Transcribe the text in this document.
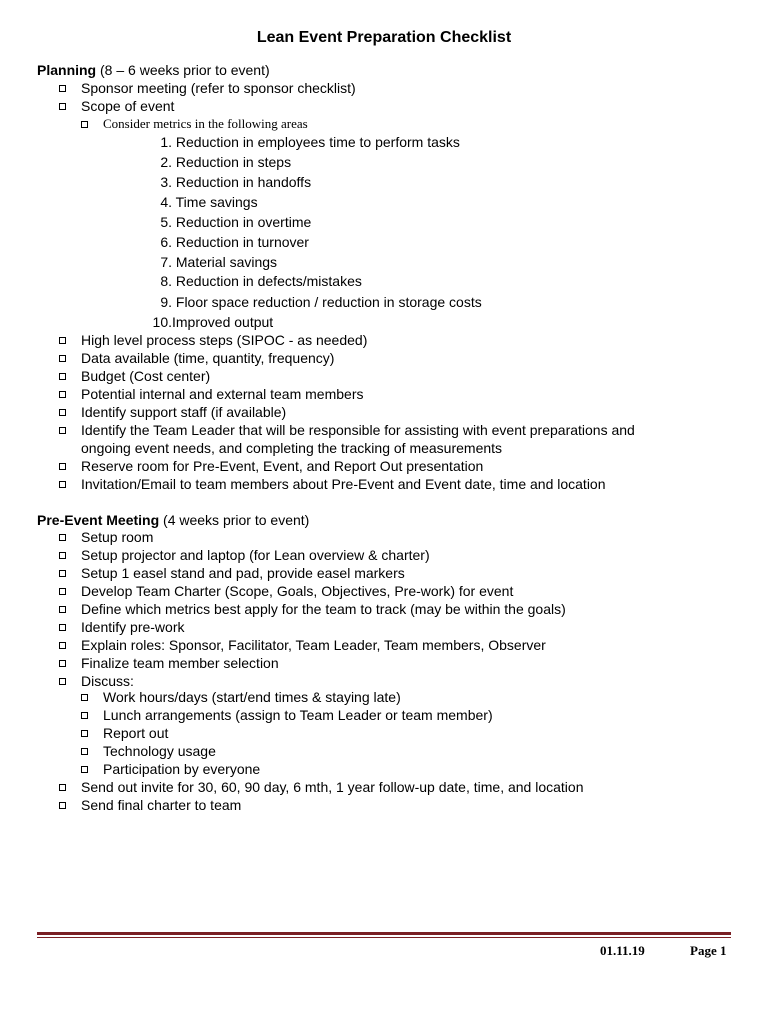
Lean Event Preparation Checklist
Planning (8 – 6 weeks prior to event)
Sponsor meeting (refer to sponsor checklist)
Scope of event
Consider metrics in the following areas
1. Reduction in employees time to perform tasks
2. Reduction in steps
3. Reduction in handoffs
4. Time savings
5. Reduction in overtime
6. Reduction in turnover
7. Material savings
8. Reduction in defects/mistakes
9. Floor space reduction / reduction in storage costs
10.Improved output
High level process steps (SIPOC - as needed)
Data available (time, quantity, frequency)
Budget (Cost center)
Potential internal and external team members
Identify support staff (if available)
Identify the Team Leader that will be responsible for assisting with event preparations and
ongoing event needs, and completing the tracking of measurements
Reserve room for Pre-Event, Event, and Report Out presentation
Invitation/Email to team members about Pre-Event and Event date, time and location
Pre-Event Meeting (4 weeks prior to event)
Setup room
Setup projector and laptop (for Lean overview & charter)
Setup 1 easel stand and pad, provide easel markers
Develop Team Charter (Scope, Goals, Objectives, Pre-work) for event
Define which metrics best apply for the team to track (may be within the goals)
Identify pre-work
Explain roles: Sponsor, Facilitator, Team Leader, Team members, Observer
Finalize team member selection
Discuss:
Work hours/days (start/end times & staying late)
Lunch arrangements (assign to Team Leader or team member)
Report out
Technology usage
Participation by everyone
Send out invite for 30, 60, 90 day, 6 mth, 1 year follow-up date, time, and location
Send final charter to team
01.11.19	Page 1
